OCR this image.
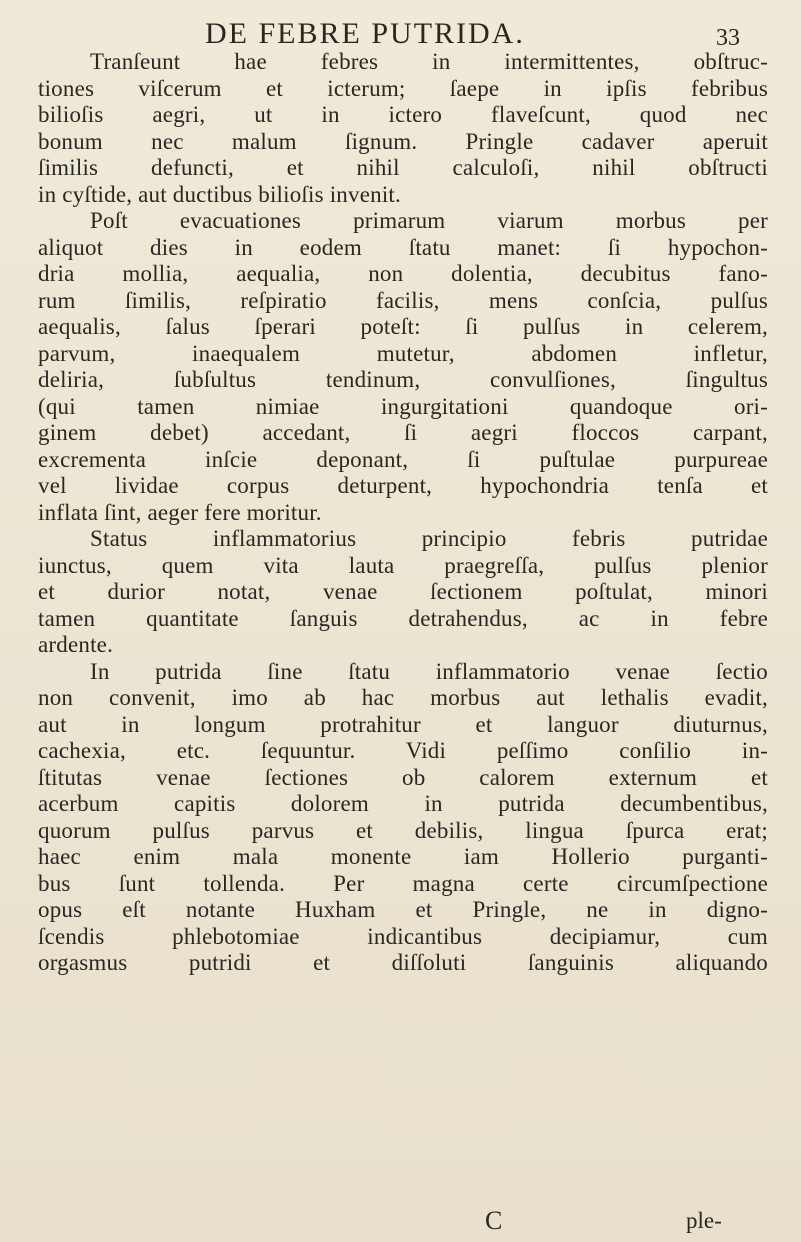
DE FEBRE PUTRIDA.	33
Tranſeunt hae febres in intermittentes, obſtruc-
tiones viſcerum et icterum; ſaepe in ipſis febribus
bilioſis aegri, ut in ictero flaveſcunt, quod nec
bonum nec malum ſignum. Pringle cadaver aperuit
ſimilis defuncti, et nihil calculoſi, nihil obſtructi
in cyſtide, aut ductibus bilioſis invenit.
Poſt evacuationes primarum viarum morbus per
aliquot dies in eodem ſtatu manet: ſi hypochon-
dria mollia, aequalia, non dolentia, decubitus fano-
rum ſimilis, reſpiratio facilis, mens conſcia, pulſus
aequalis, ſalus ſperari poteſt: ſi pulſus in celerem,
parvum, inaequalem mutetur, abdomen infletur,
deliria, ſubſultus tendinum, convulſiones, ſingultus
(qui tamen nimiae ingurgitationi quandoque ori-
ginem debet) accedant, ſi aegri floccos carpant,
excrementa inſcie deponant, ſi puſtulae purpureae
vel lividae corpus deturpent, hypochondria tenſa et
inflata ſint, aeger fere moritur.
Status inflammatorius principio febris putridae
iunctus, quem vita lauta praegreſſa, pulſus plenior
et durior notat, venae ſectionem poſtulat, minori
tamen quantitate ſanguis detrahendus, ac in febre
ardente.
In putrida ſine ſtatu inflammatorio venae ſectio
non convenit, imo ab hac morbus aut lethalis evadit,
aut in longum protrahitur et languor diuturnus,
cachexia, etc. ſequuntur. Vidi peſſimo conſilio in-
ſtitutas venae ſectiones ob calorem externum et
acerbum capitis dolorem in putrida decumbentibus,
quorum pulſus parvus et debilis, lingua ſpurca erat;
haec enim mala monente iam Hollerio purganti-
bus ſunt tollenda. Per magna certe circumſpectione
opus eſt notante Huxham et Pringle, ne in digno-
ſcendis phlebotomiae indicantibus decipiamur, cum
orgasmus putridi et diſſoluti ſanguinis aliquando
C	ple-
